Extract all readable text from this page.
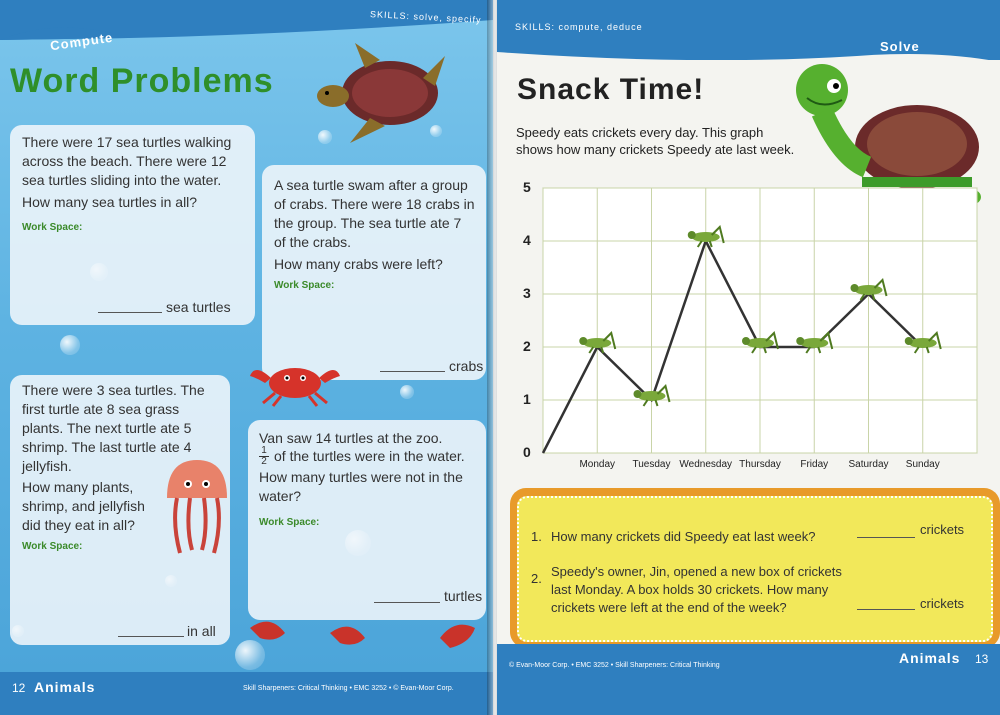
Compute
SKILLS: solve, specify
Word Problems
There were 17 sea turtles walking
across the beach. There were 12
sea turtles sliding into the water.
How many sea turtles in all?
Work Space:
sea turtles
A sea turtle swam after a group
of crabs. There were 18 crabs in
the group. The sea turtle ate 7
of the crabs.
How many crabs were left?
Work Space:
crabs
There were 3 sea turtles. The
first turtle ate 8 sea grass
plants. The next turtle ate 5
shrimp. The last turtle ate 4
jellyfish.
How many plants,
shrimp, and jellyfish
did they eat in all?
Work Space:
in all
Van saw 14 turtles at the zoo.
$\frac{1}{2}$ of the turtles were in the water.
How many turtles were not in the
water?
Work Space:
turtles
12 Animals	Skill Sharpeners: Critical Thinking • EMC 3252 • © Evan-Moor Corp.
SKILLS: compute, deduce
Solve
Snack Time!
Speedy eats crickets every day. This graph
shows how many crickets Speedy ate last week.
0
1
2
3
4
5
Monday	Tuesday Wednesday Thursday	Friday	Saturday	Sunday
1. How many crickets did Speedy eat last week?	crickets
2. Speedy's owner, Jin, opened a new box of crickets
last Monday. A box holds 30 crickets. How many
crickets were left at the end of the week?	crickets
© Evan-Moor Corp. • EMC 3252 • Skill Sharpeners: Critical Thinking	Animals 13
